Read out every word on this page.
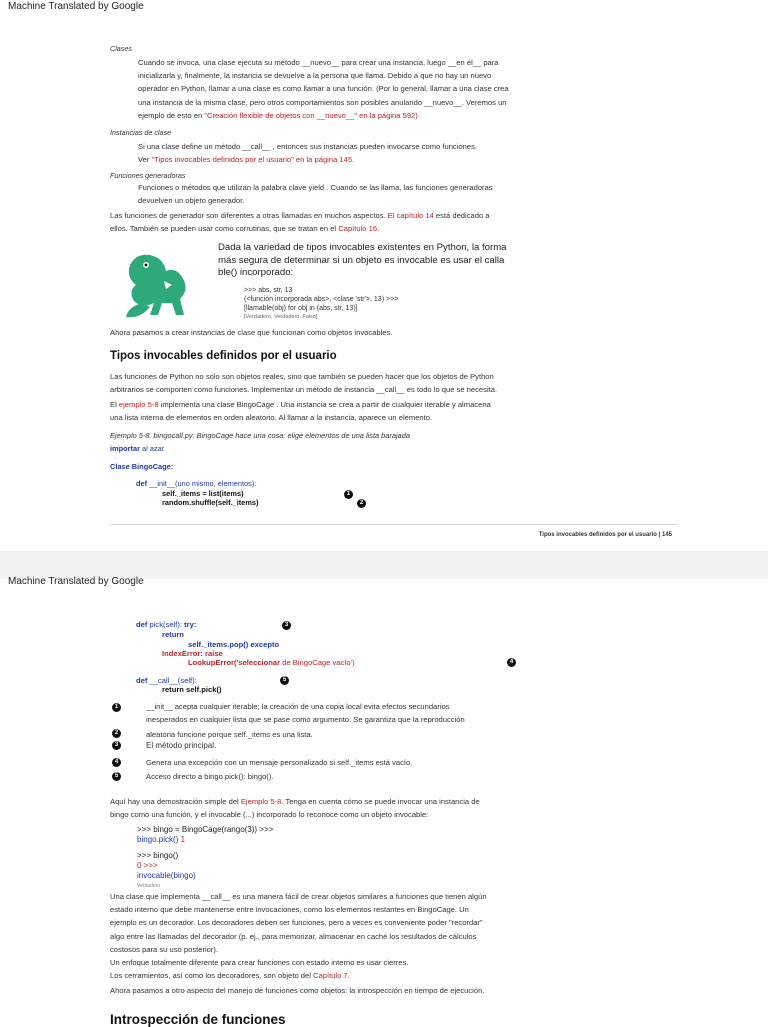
Machine Translated by Google
Clases

Cuando se invoca, una clase ejecuta su método __nuevo__ para crear una instancia, luego __en él__ para

inicializarla y, finalmente, la instancia se devuelve a la persona que llama. Debido a que no hay un nuevo

operador en Python, llamar a una clase es como llamar a una función. (Por lo general, llamar a una clase crea

una instancia de la misma clase, pero otros comportamientos son posibles anulando __nuevo__. Veremos un

ejemplo de esto en "Creación flexible de objetos con __nuevo__" en la página 592).

Instancias de clase

Si una clase define un método __call__ , entonces sus instancias pueden invocarse como funciones.

Ver "Tipos invocables definidos por el usuario" en la página 145.

Funciones generadoras

Funciones o métodos que utilizan la palabra clave yield . Cuando se las llama, las funciones generadoras

devuelven un objeto generador.

Las funciones de generador son diferentes a otras llamadas en muchos aspectos. El capítulo 14 está dedicado a

ellos. También se pueden usar como corrutinas, que se tratan en el Capítulo 16.

Dada la variedad de tipos invocables existentes en Python, la forma
más segura de determinar si un objeto es invocable es usar el calla
ble() incorporado:
>>> abs, str, 13
(<función incorporada abs>, <clase 'str'>, 13) >>>
[llamable(obj) for obj in (abs, str, 13)]
[Verdadero, Verdadero, Falso]

Ahora pasamos a crear instancias de clase que funcionan como objetos invocables.

Tipos invocables definidos por el usuario

Las funciones de Python no solo son objetos reales, sino que también se pueden hacer que los objetos de Python

arbitrarios se comporten como funciones. Implementar un método de instancia __call__ es todo lo que se necesita.

El ejemplo 5-8 implementa una clase BingoCage . Una instancia se crea a partir de cualquier iterable y almacena

una lista interna de elementos en orden aleatorio. Al llamar a la instancia, aparece un elemento.

Ejemplo 5-8. bingocall.py: BingoCage hace una cosa: elige elementos de una lista barajada
importar al azar
Clase BingoCage:
def __init__(uno mismo, elementos):
self._items = list(items)
random.shuffle(self._items)
1
2
Tipos invocables definidos por el usuario | 145
Machine Translated by Google
def pick(self): try:
return
self._items.pop() excepto
IndexError: raise
LookupError('seleccionar de BingoCage vacío')
def __call__(self):
return self.pick()
3
4
5
1	__init__ acepta cualquier iterable; la creación de una copia local evita efectos secundarios

inesperados en cualquier lista que se pase como argumento. Se garantiza que la reproducción

2	aleatoria funcione porque self._items es una lista.
3	El método principal.
4	Genera una excepción con un mensaje personalizado si self._items está vacío.
5	Acceso directo a bingo.pick(): bingo().

Aquí hay una demostración simple del Ejemplo 5-8. Tenga en cuenta cómo se puede invocar una instancia de

bingo como una función, y el invocable (...) incorporado lo reconoce como un objeto invocable:

>>> bingo = BingoCage(rango(3)) >>>
bingo.pick() 1
>>> bingo()
0 >>>
invocable(bingo)
Verdadero

Una clase que implementa __call__ es una manera fácil de crear objetos similares a funciones que tienen algún

estado interno que debe mantenerse entre invocaciones, como los elementos restantes en BingoCage. Un

ejemplo es un decorador. Los decoradores deben ser funciones, pero a veces es conveniente poder "recordar"

algo entre las llamadas del decorador (p. ej., para memorizar, almacenar en caché los resultados de cálculos

costosos para su uso posterior).

Un enfoque totalmente diferente para crear funciones con estado interno es usar cierres.

Los cerramientos, así como los decoradores, son objeto del Capítulo 7.

Ahora pasamos a otro aspecto del manejo de funciones como objetos: la introspección en tiempo de ejecución.

Introspección de funciones
